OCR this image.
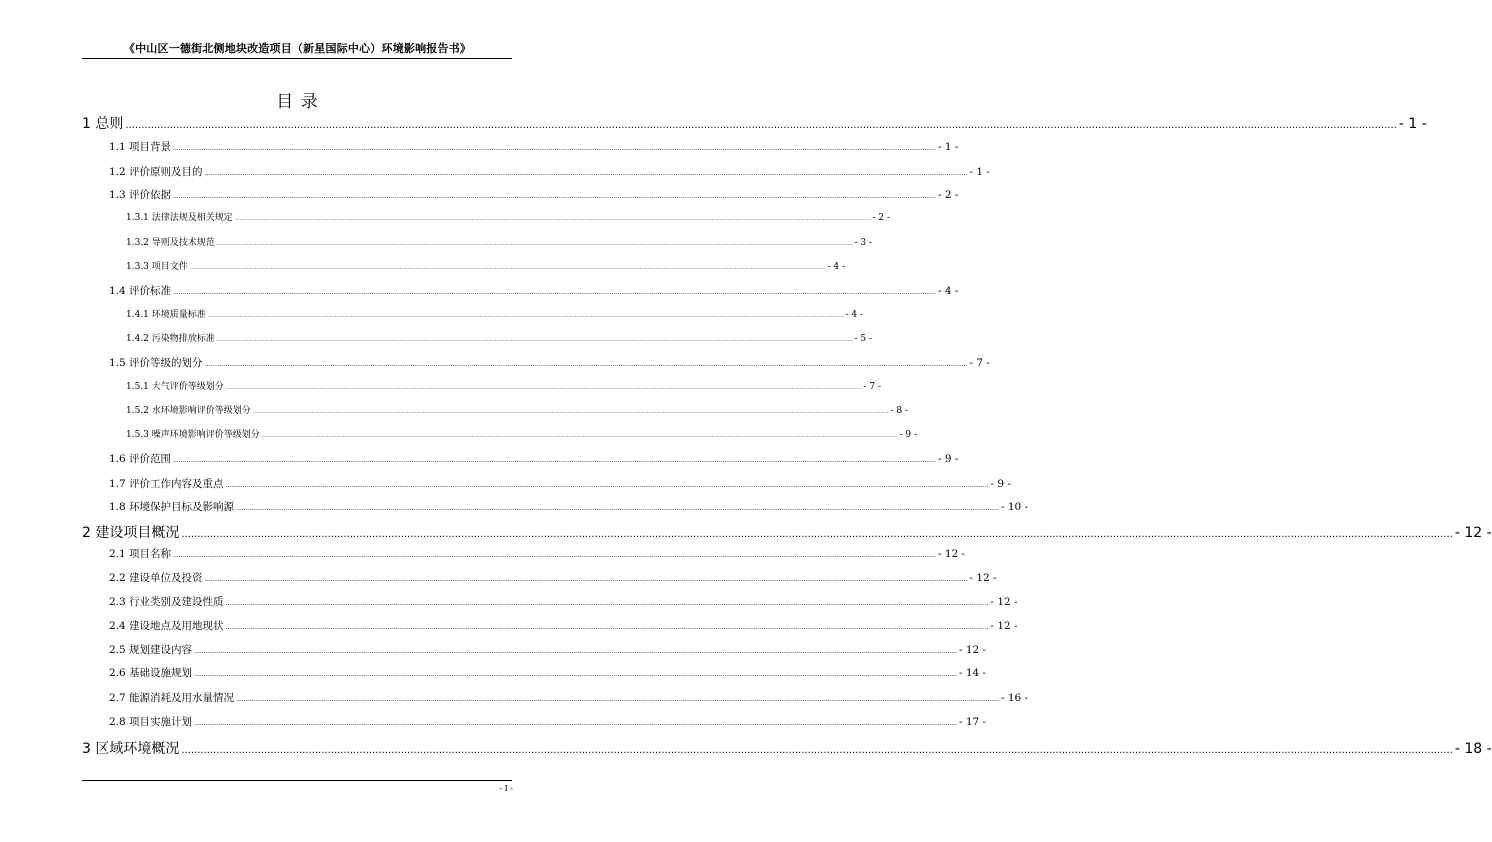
《中山区一德街北侧地块改造项目（新星国际中心）环境影响报告书》
目 录
1 总则 ................................................................................................................................................................................................................................................................................................................................................................................................................ - 1 -
1.1 项目背景 ................................................................................................................................................................................................................................................................................................................................................................................................................ - 1 -
1.2 评价原则及目的 ................................................................................................................................................................................................................................................................................................................................................................................................................ - 1 -
1.3 评价依据 ................................................................................................................................................................................................................................................................................................................................................................................................................ - 2 -
1.3.1 法律法规及相关规定 ................................................................................................................................................................................................................................................................................................................................................................................................................ - 2 -
1.3.2 导则及技术规范 ................................................................................................................................................................................................................................................................................................................................................................................................................ - 3 -
1.3.3 项目文件 ................................................................................................................................................................................................................................................................................................................................................................................................................ - 4 -
1.4 评价标准 ................................................................................................................................................................................................................................................................................................................................................................................................................ - 4 -
1.4.1 环境质量标准 ................................................................................................................................................................................................................................................................................................................................................................................................................ - 4 -
1.4.2 污染物排放标准 ................................................................................................................................................................................................................................................................................................................................................................................................................ - 5 -
1.5 评价等级的划分 ................................................................................................................................................................................................................................................................................................................................................................................................................ - 7 -
1.5.1 大气评价等级划分 ................................................................................................................................................................................................................................................................................................................................................................................................................ - 7 -
1.5.2 水环境影响评价等级划分 ................................................................................................................................................................................................................................................................................................................................................................................................................ - 8 -
1.5.3 噪声环境影响评价等级划分 ................................................................................................................................................................................................................................................................................................................................................................................................................ - 9 -
1.6 评价范围 ................................................................................................................................................................................................................................................................................................................................................................................................................ - 9 -
1.7 评价工作内容及重点 ................................................................................................................................................................................................................................................................................................................................................................................................................ - 9 -
1.8 环境保护目标及影响源 ................................................................................................................................................................................................................................................................................................................................................................................................................ - 10 -
2 建设项目概况 ................................................................................................................................................................................................................................................................................................................................................................................................................ - 12 -
2.1 项目名称 ................................................................................................................................................................................................................................................................................................................................................................................................................ - 12 -
2.2 建设单位及投资 ................................................................................................................................................................................................................................................................................................................................................................................................................ - 12 -
2.3 行业类别及建设性质 ................................................................................................................................................................................................................................................................................................................................................................................................................ - 12 -
2.4 建设地点及用地现状 ................................................................................................................................................................................................................................................................................................................................................................................................................ - 12 -
2.5 规划建设内容 ................................................................................................................................................................................................................................................................................................................................................................................................................ - 12 -
2.6 基础设施规划 ................................................................................................................................................................................................................................................................................................................................................................................................................ - 14 -
2.7 能源消耗及用水量情况 ................................................................................................................................................................................................................................................................................................................................................................................................................ - 16 -
2.8 项目实施计划 ................................................................................................................................................................................................................................................................................................................................................................................................................ - 17 -
3 区域环境概况 ................................................................................................................................................................................................................................................................................................................................................................................................................ - 18 -
- I -
